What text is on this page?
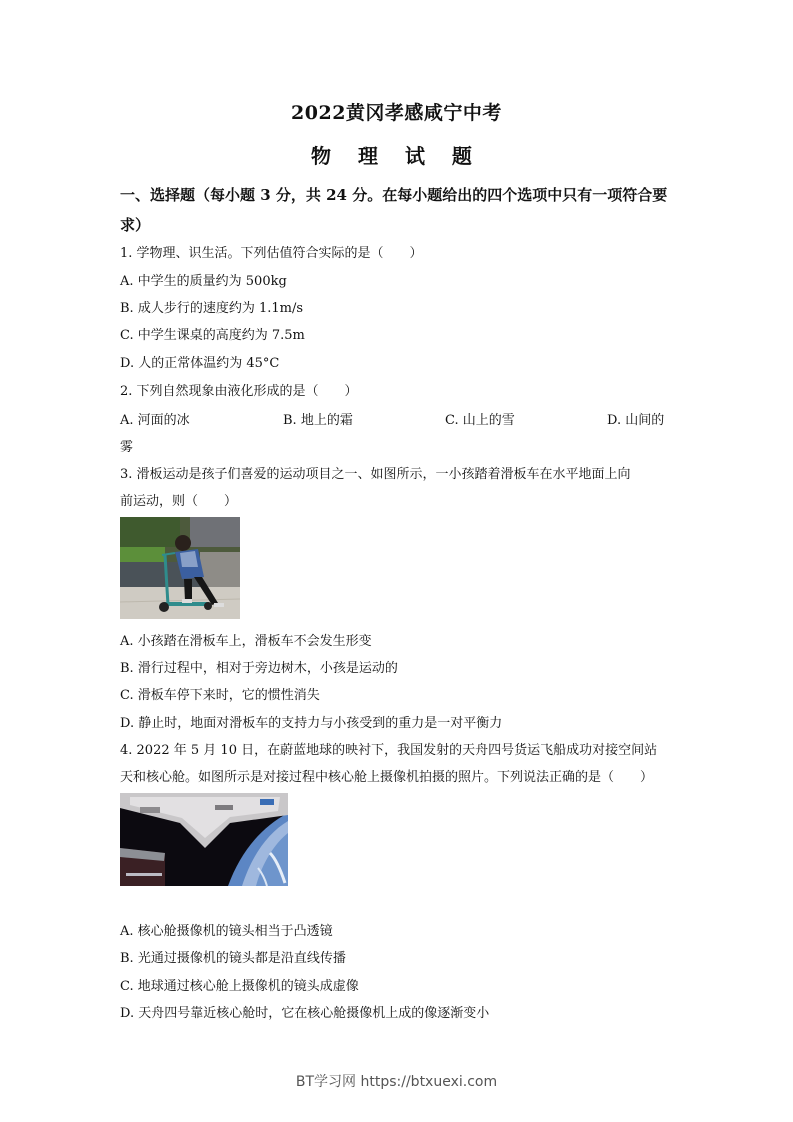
2022黄冈孝感咸宁中考
物 理 试 题
一、选择题（每小题 3 分，共 24 分。在每小题给出的四个选项中只有一项符合要求）
1. 学物理、识生活。下列估值符合实际的是（　　）
A. 中学生的质量约为 500kg
B. 成人步行的速度约为 1.1m/s
C. 中学生课桌的高度约为 7.5m
D. 人的正常体温约为 45°C
2. 下列自然现象由液化形成的是（　　）
A. 河面的冰	B. 地上的霜	C. 山上的雪	D. 山间的
雾
3. 滑板运动是孩子们喜爱的运动项目之一、如图所示，一小孩踏着滑板车在水平地面上向
前运动，则（　　）
A. 小孩踏在滑板车上，滑板车不会发生形变
B. 滑行过程中，相对于旁边树木，小孩是运动的
C. 滑板车停下来时，它的惯性消失
D. 静止时，地面对滑板车的支持力与小孩受到的重力是一对平衡力
4. 2022 年 5 月 10 日，在蔚蓝地球的映衬下，我国发射的天舟四号货运飞船成功对接空间站
天和核心舱。如图所示是对接过程中核心舱上摄像机拍摄的照片。下列说法正确的是（　　）
A. 核心舱摄像机的镜头相当于凸透镜
B. 光通过摄像机的镜头都是沿直线传播
C. 地球通过核心舱上摄像机的镜头成虚像
D. 天舟四号靠近核心舱时，它在核心舱摄像机上成的像逐渐变小
BT学习网 https://btxuexi.com
